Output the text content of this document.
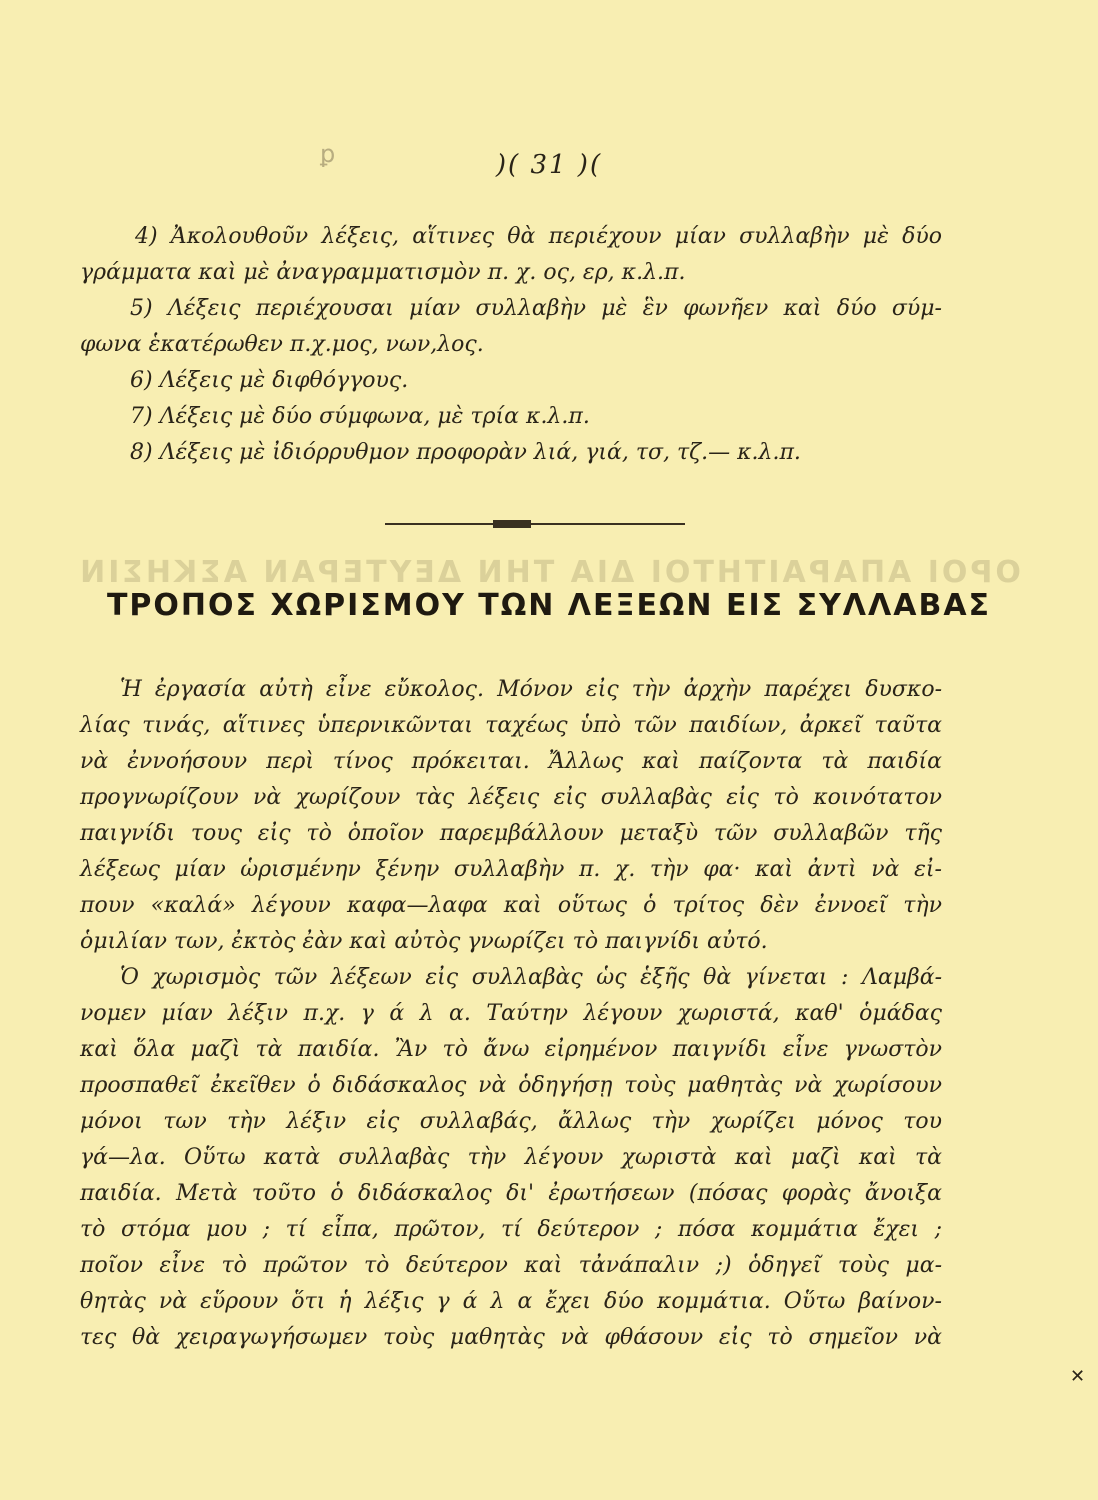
ꝑ	)( 31 )(
4) Ἀκολουθοῦν λέξεις, αἵτινες θὰ περιέχουν μίαν συλλαβὴν μὲ δύο
γράμματα καὶ μὲ ἀναγραμματισμὸν π. χ. ος, ερ, κ.λ.π.
5) Λέξεις περιέχουσαι μίαν συλλαβὴν μὲ ἓν φωνῆεν καὶ δύο σύμ-
φωνα ἑκατέρωθεν π.χ.μος, νων,λος.
6) Λέξεις μὲ διφθόγγους.
7) Λέξεις μὲ δύο σύμφωνα, μὲ τρία κ.λ.π.
8) Λέξεις μὲ ἰδιόρρυθμον προφορὰν λιά, γιά, τσ, τζ.— κ.λ.π.
ΟΡΟΙ ΑΠΑΡΑΙΤΗΤΟΙ ΔΙΑ ΤΗΝ ΔΕΥΤΕΡΑΝ ΑΣΚΗΣΙΝ
ΤΡΟΠΟΣ ΧΩΡΙΣΜΟΥ ΤΩΝ ΛΕΞΕΩΝ ΕΙΣ ΣΥΛΛΑΒΑΣ
Ἡ ἐργασία αὐτὴ εἶνε εὔκολος. Μόνον εἰς τὴν ἀρχὴν παρέχει δυσκο-
λίας τινάς, αἵτινες ὑπερνικῶνται ταχέως ὑπὸ τῶν παιδίων, ἀρκεῖ ταῦτα
νὰ ἐννοήσουν περὶ τίνος πρόκειται. Ἄλλως καὶ παίζοντα τὰ παιδία
προγνωρίζουν νὰ χωρίζουν τὰς λέξεις εἰς συλλαβὰς εἰς τὸ κοινότατον
παιγνίδι τους εἰς τὸ ὁποῖον παρεμβάλλουν μεταξὺ τῶν συλλαβῶν τῆς
λέξεως μίαν ὡρισμένην ξένην συλλαβὴν π. χ. τὴν φα· καὶ ἀντὶ νὰ εἰ-
πουν «καλά» λέγουν καφα—λαφα καὶ οὕτως ὁ τρίτος δὲν ἐννοεῖ τὴν
ὁμιλίαν των, ἐκτὸς ἐὰν καὶ αὐτὸς γνωρίζει τὸ παιγνίδι αὐτό.
Ὁ χωρισμὸς τῶν λέξεων εἰς συλλαβὰς ὡς ἑξῆς θὰ γίνεται : Λαμβά-
νομεν μίαν λέξιν π.χ. γ ά λ α. Ταύτην λέγουν χωριστά, καθ' ὁμάδας
καὶ ὅλα μαζὶ τὰ παιδία. Ἂν τὸ ἄνω εἰρημένον παιγνίδι εἶνε γνωστὸν
προσπαθεῖ ἐκεῖθεν ὁ διδάσκαλος νὰ ὁδηγήσῃ τοὺς μαθητὰς νὰ χωρίσουν
μόνοι των τὴν λέξιν εἰς συλλαβάς, ἄλλως τὴν χωρίζει μόνος του
γά—λα. Οὕτω κατὰ συλλαβὰς τὴν λέγουν χωριστὰ καὶ μαζὶ καὶ τὰ
παιδία. Μετὰ τοῦτο ὁ διδάσκαλος δι' ἐρωτήσεων (πόσας φορὰς ἄνοιξα
τὸ στόμα μου ; τί εἶπα, πρῶτον, τί δεύτερον ; πόσα κομμάτια ἔχει ;
ποῖον εἶνε τὸ πρῶτον τὸ δεύτερον καὶ τἀνάπαλιν ;) ὁδηγεῖ τοὺς μα-
θητὰς νὰ εὕρουν ὅτι ἡ λέξις γ ά λ α ἔχει δύο κομμάτια. Οὕτω βαίνον-
τες θὰ χειραγωγήσωμεν τοὺς μαθητὰς νὰ φθάσουν εἰς τὸ σημεῖον νὰ
✕
